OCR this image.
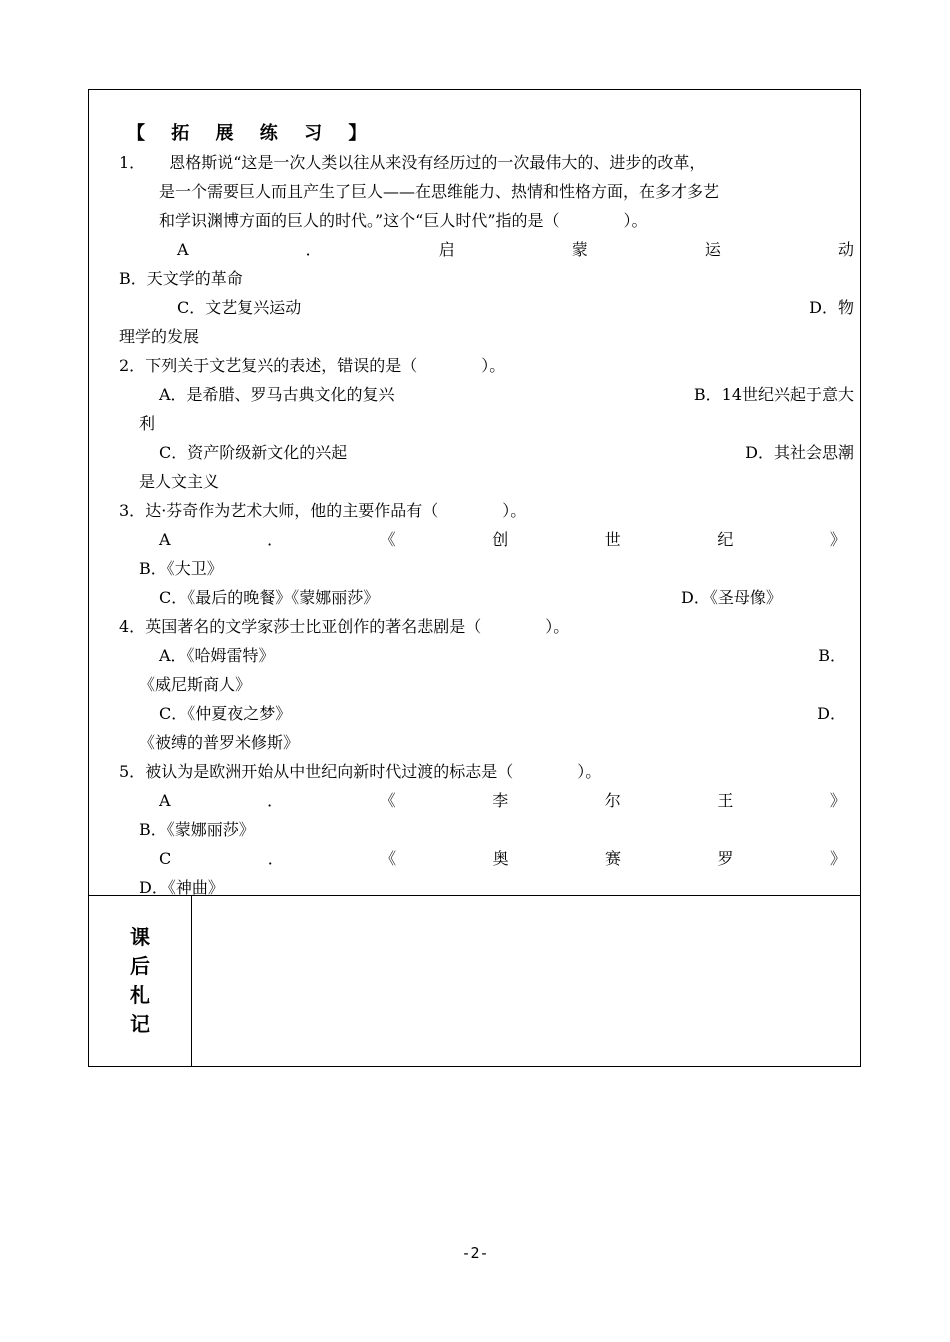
【 拓 展 练 习 】
1． 恩格斯说“这是一次人类以往从来没有经历过的一次最伟大的、进步的改革，
是一个需要巨人而且产生了巨人——在思维能力、热情和性格方面，在多才多艺
和学识渊博方面的巨人的时代。”这个“巨人时代”指的是（　　　　）。
A	．	启	蒙	运	动
B．天文学的革命
C．文艺复兴运动	D．物
理学的发展
2．下列关于文艺复兴的表述，错误的是（　　　　）。
A．是希腊、罗马古典文化的复兴	B．14世纪兴起于意大
利
C．资产阶级新文化的兴起	D．其社会思潮
是人文主义
3．达·芬奇作为艺术大师，他的主要作品有（　　　　）。
A	．	《	创	世	纪	》
B．《大卫》
C．《最后的晚餐》《蒙娜丽莎》	D．《圣母像》
4．英国著名的文学家莎士比亚创作的著名悲剧是（　　　　）。
A．《哈姆雷特》	B．
《威尼斯商人》
C．《仲夏夜之梦》	D．
《被缚的普罗米修斯》
5．被认为是欧洲开始从中世纪向新时代过渡的标志是（　　　　）。
A	．	《	李	尔	王	》
B．《蒙娜丽莎》
C	．	《	奥	赛	罗	》
D．《神曲》
课
后
札
记
-2-
